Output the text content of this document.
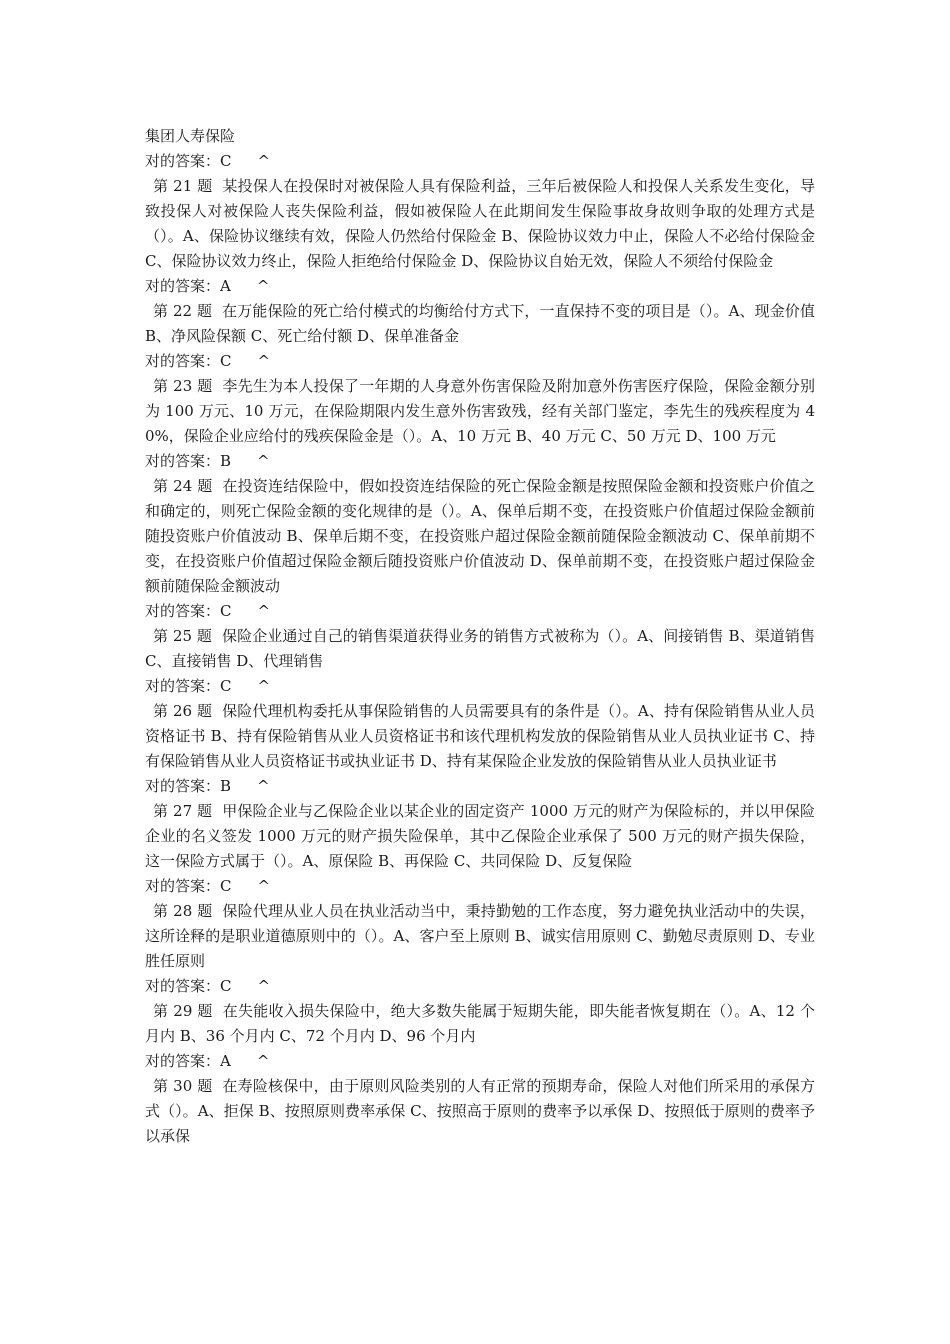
集团人寿保险
对的答案：C ^
第 21 题 某投保人在投保时对被保险人具有保险利益，三年后被保险人和投保人关系发生变化，导致投保人对被保险人丧失保险利益，假如被保险人在此期间发生保险事故身故则争取的处理方式是（）。A、保险协议继续有效，保险人仍然给付保险金 B、保险协议效力中止，保险人不必给付保险金 C、保险协议效力终止，保险人拒绝给付保险金 D、保险协议自始无效，保险人不须给付保险金
对的答案：A ^
第 22 题 在万能保险的死亡给付模式的均衡给付方式下，一直保持不变的项目是（）。A、现金价值 B、净风险保额 C、死亡给付额 D、保单准备金
对的答案：C ^
第 23 题 李先生为本人投保了一年期的人身意外伤害保险及附加意外伤害医疗保险，保险金额分别为 100 万元、10 万元，在保险期限内发生意外伤害致残，经有关部门鉴定，李先生的残疾程度为 40%，保险企业应给付的残疾保险金是（）。A、10 万元 B、40 万元 C、50 万元 D、100 万元
对的答案：B ^
第 24 题 在投资连结保险中，假如投资连结保险的死亡保险金额是按照保险金额和投资账户价值之和确定的，则死亡保险金额的变化规律的是（）。A、保单后期不变，在投资账户价值超过保险金额前随投资账户价值波动 B、保单后期不变，在投资账户超过保险金额前随保险金额波动 C、保单前期不变，在投资账户价值超过保险金额后随投资账户价值波动 D、保单前期不变，在投资账户超过保险金额前随保险金额波动
对的答案：C ^
第 25 题 保险企业通过自己的销售渠道获得业务的销售方式被称为（）。A、间接销售 B、渠道销售 C、直接销售 D、代理销售
对的答案：C ^
第 26 题 保险代理机构委托从事保险销售的人员需要具有的条件是（）。A、持有保险销售从业人员资格证书 B、持有保险销售从业人员资格证书和该代理机构发放的保险销售从业人员执业证书 C、持有保险销售从业人员资格证书或执业证书 D、持有某保险企业发放的保险销售从业人员执业证书
对的答案：B ^
第 27 题 甲保险企业与乙保险企业以某企业的固定资产 1000 万元的财产为保险标的，并以甲保险企业的名义签发 1000 万元的财产损失险保单，其中乙保险企业承保了 500 万元的财产损失保险，这一保险方式属于（）。A、原保险 B、再保险 C、共同保险 D、反复保险
对的答案：C ^
第 28 题 保险代理从业人员在执业活动当中，秉持勤勉的工作态度，努力避免执业活动中的失误，这所诠释的是职业道德原则中的（）。A、客户至上原则 B、诚实信用原则 C、勤勉尽责原则 D、专业胜任原则
对的答案：C ^
第 29 题 在失能收入损失保险中，绝大多数失能属于短期失能，即失能者恢复期在（）。A、12 个月内 B、36 个月内 C、72 个月内 D、96 个月内
对的答案：A ^
第 30 题 在寿险核保中，由于原则风险类别的人有正常的预期寿命，保险人对他们所采用的承保方式（）。A、拒保 B、按照原则费率承保 C、按照高于原则的费率予以承保 D、按照低于原则的费率予以承保
